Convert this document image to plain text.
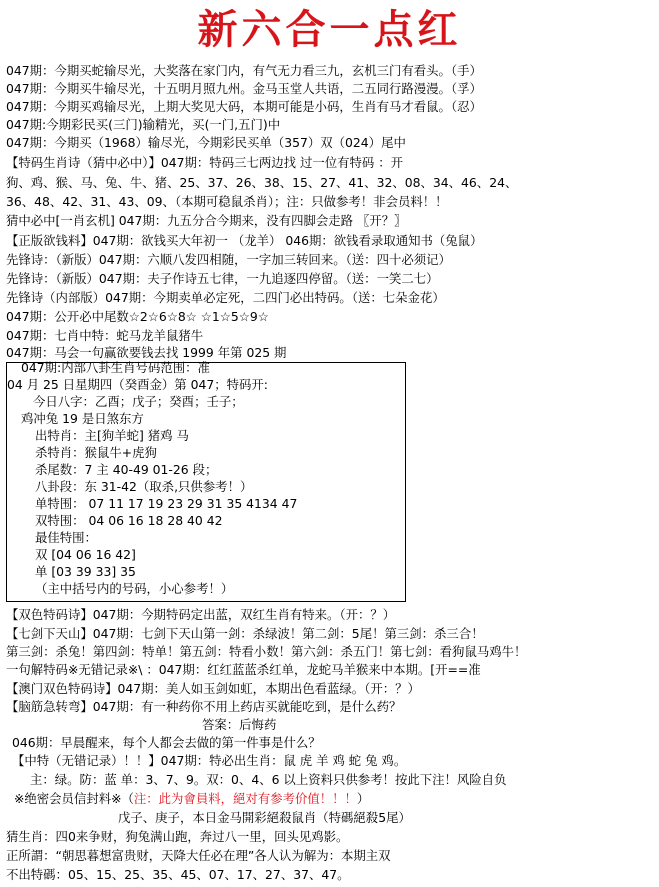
新六合一点红
047期：今期买蛇输尽光，大奖落在家门内，有气无力看三九，玄机三门有看头。（手）
047期：今期买牛输尽光，十五明月照九州。金马玉堂人共语，二五同行路漫漫。（孚）
047期：今期买鸡输尽光，上期大奖见大码，本期可能是小码，生肖有马才看鼠。（忍）
047期:今期彩民买(三门)输精光，买(一门,五门)中
047期：今期买（1968）输尽光，今期彩民买单（357）双（024）尾中
【特码生肖诗（猜中必中）】047期：特码三七两边找 过一位有特码 ：开
狗、鸡、猴、马、兔、牛、猪、25、37、26、38、15、27、41、32、08、34、46、24、
36、48、42、31、43、09、（本期可稳鼠杀肖）；注：只做参考！非会员料！！
猜中必中[一肖玄机] 047期：九五分合今期来，没有四脚会走路 〖开？〗
【正版欲钱料】047期：欲钱买大年初一 （龙羊） 046期：欲钱看录取通知书（兔鼠）
先锋诗：（新版）047期：六顺八发四相随，一字加三转回来。（送：四十必须记）
先锋诗：（新版）047期：夫子作诗五七律，一九追逐四停留。（送：一笑二七）
先锋诗（内部版）047期：今期卖单必定死，二四门必出特码。（送：七朵金花）
047期：公开必中尾数☆2☆6☆8☆ ☆1☆5☆9☆
047期：七肖中特：蛇马龙羊鼠猪牛
047期：马会一句赢欲要钱去找 1999 年第 025 期
047期:内部八卦生肖号码范围：准
04 月 25 日星期四（癸酉金）第 047；特码开:
今日八字：乙酉；戊子；癸酉；壬子；
鸡冲兔 19 是日煞东方
出特肖：主[狗羊蛇] 猪鸡 马
杀特肖：猴鼠牛+虎狗
杀尾数：7 主 40-49 01-26 段；
八卦段：东 31-42（取杀,只供参考！）
单特围： 07 11 17 19 23 29 31 35 4134 47
双特围： 04 06 16 18 28 40 42
最佳特围：
双 [04 06 16 42]
单 [03 39 33] 35
（主中括号内的号码，小心参考！）
【双色特码诗】047期：今期特码定出蓝，双红生肖有特来。（开：？）
【七剑下天山】047期：七剑下天山第一剑：杀绿波！第二剑：5尾！第三剑：杀三合！
第三剑：杀兔！第四剑：特单！第五剑：特看小数！第六剑：杀五门！第七剑：看狗鼠马鸡牛！
一句解特码※无错记录※\ ：047期：红红蓝蓝杀红单，龙蛇马羊猴来中本期。[开==准
【澳门双色特码诗】047期：美人如玉剑如虹，本期出色看蓝绿。（开：？）
【脑筋急转弯】047期：有一种药你不用上药店买就能吃到，是什么药？
答案：后悔药
046期：早晨醒来，每个人都会去做的第一件事是什么？
【中特（无错记录）！！】047期：特必出生肖：鼠 虎 羊 鸡 蛇 兔 鸡。
主：绿。防：蓝 单：3、7、9。双：0、4、6 以上资料只供参考！按此下注！风险自负
※绝密会员信封料※（注：此为會員料，絕对有参考价值！！！）
戊子、庚子，本日金马開彩絕殺鼠肖（特碼絕殺5尾）
猜生肖：四0来争财，狗兔满山跑，奔过八一里，回头见鸡影。
正所謂：“朝思暮想富贵财，天降大任必在理”各人认为解为：本期主双
不出特碼：05、15、25、35、45、07、17、27、37、47。
